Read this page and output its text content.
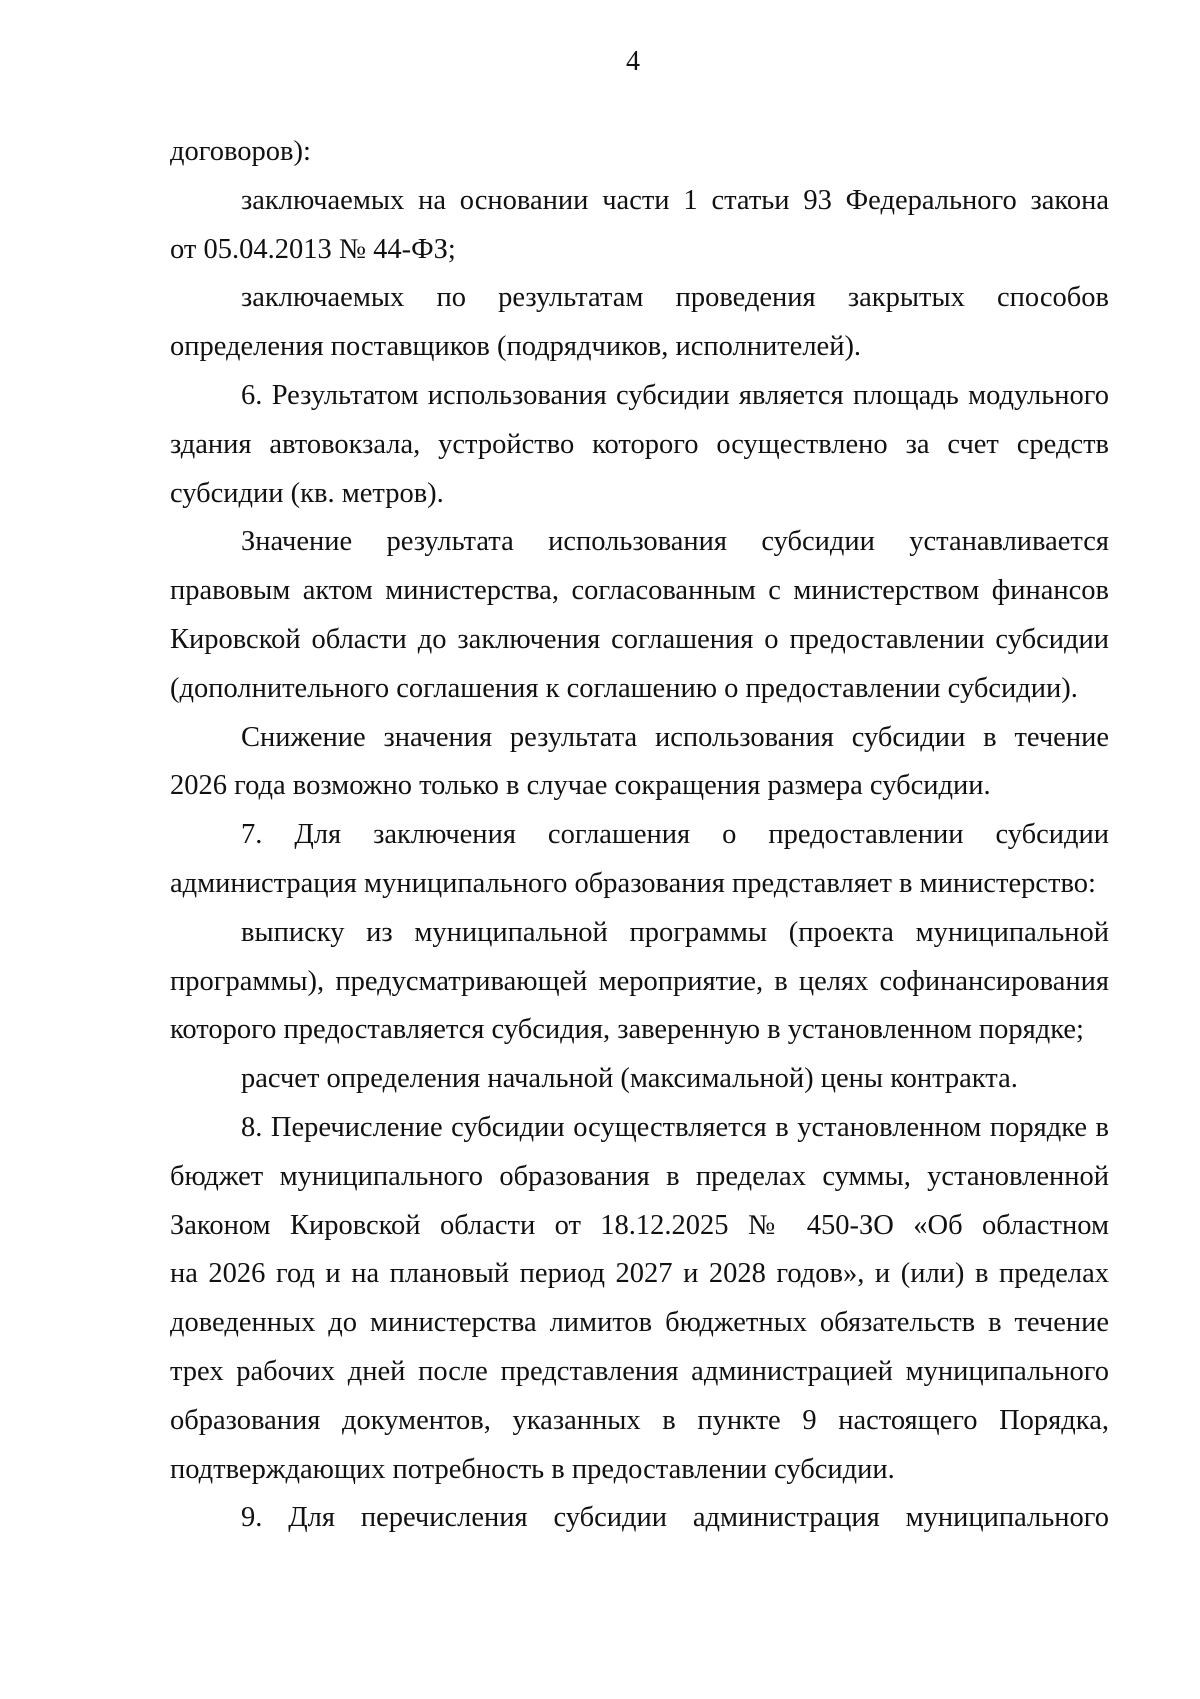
4
договоров):
заключаемых на основании части 1 статьи 93 Федерального закона
от 05.04.2013 № 44-ФЗ;
заключаемых по результатам проведения закрытых способов
определения поставщиков (подрядчиков, исполнителей).
6. Результатом использования субсидии является площадь модульного
здания автовокзала, устройство которого осуществлено за счет средств
субсидии (кв. метров).
Значение результата использования субсидии устанавливается
правовым актом министерства, согласованным с министерством финансов
Кировской области до заключения соглашения о предоставлении субсидии
(дополнительного соглашения к соглашению о предоставлении субсидии).
Снижение значения результата использования субсидии в течение
2026 года возможно только в случае сокращения размера субсидии.
7. Для заключения соглашения о предоставлении субсидии
администрация муниципального образования представляет в министерство:
выписку из муниципальной программы (проекта муниципальной
программы), предусматривающей мероприятие, в целях софинансирования
которого предоставляется субсидия, заверенную в установленном порядке;
расчет определения начальной (максимальной) цены контракта.
8. Перечисление субсидии осуществляется в установленном порядке в
бюджет муниципального образования в пределах суммы, установленной
Законом Кировской области от 18.12.2025 № 450-ЗО «Об областном
на 2026 год и на плановый период 2027 и 2028 годов», и (или) в пределах
доведенных до министерства лимитов бюджетных обязательств в течение
трех рабочих дней после представления администрацией муниципального
образования документов, указанных в пункте 9 настоящего Порядка,
подтверждающих потребность в предоставлении субсидии.
9. Для перечисления субсидии администрация муниципального
